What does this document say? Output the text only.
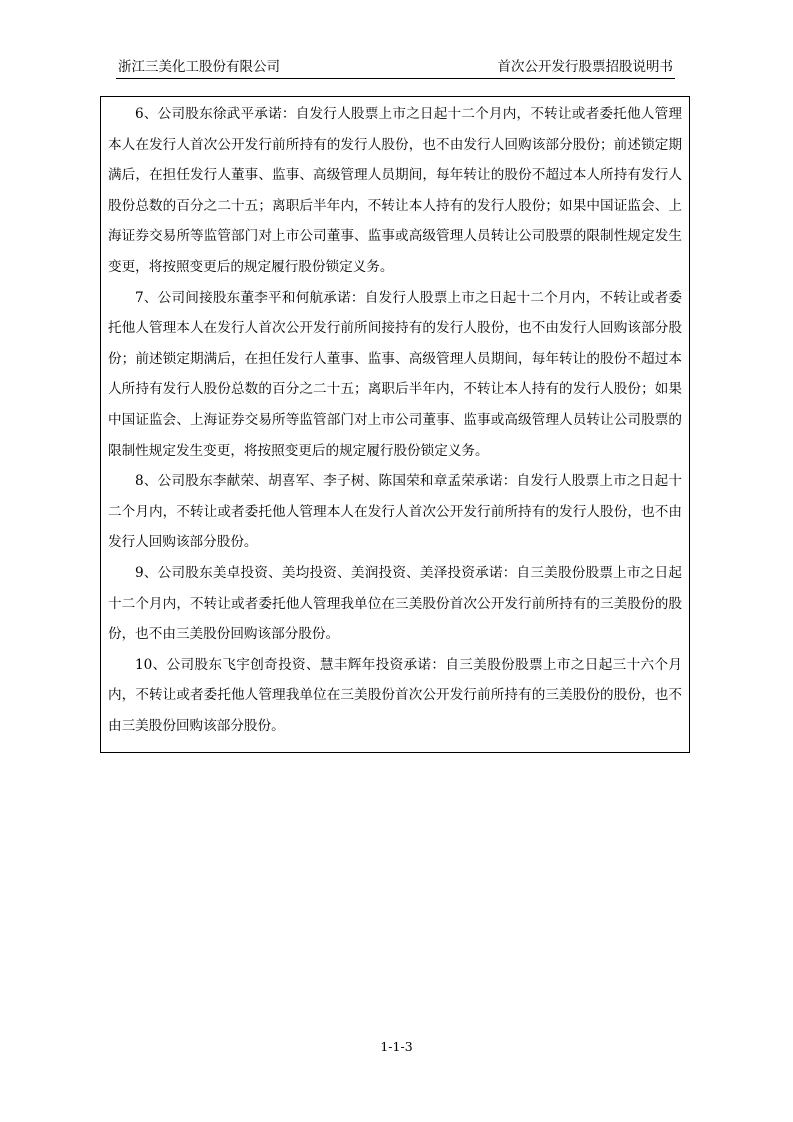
浙江三美化工股份有限公司	首次公开发行股票招股说明书

6、公司股东徐武平承诺：自发行人股票上市之日起十二个月内，不转让或者委托他人管理本人在发行人首次公开发行前所持有的发行人股份，也不由发行人回购该部分股份；前述锁定期满后，在担任发行人董事、监事、高级管理人员期间，每年转让的股份不超过本人所持有发行人股份总数的百分之二十五；离职后半年内，不转让本人持有的发行人股份；如果中国证监会、上海证券交易所等监管部门对上市公司董事、监事或高级管理人员转让公司股票的限制性规定发生变更，将按照变更后的规定履行股份锁定义务。

7、公司间接股东董李平和何航承诺：自发行人股票上市之日起十二个月内，不转让或者委托他人管理本人在发行人首次公开发行前所间接持有的发行人股份，也不由发行人回购该部分股份；前述锁定期满后，在担任发行人董事、监事、高级管理人员期间，每年转让的股份不超过本人所持有发行人股份总数的百分之二十五；离职后半年内，不转让本人持有的发行人股份；如果中国证监会、上海证券交易所等监管部门对上市公司董事、监事或高级管理人员转让公司股票的限制性规定发生变更，将按照变更后的规定履行股份锁定义务。

8、公司股东李献荣、胡喜军、李子树、陈国荣和章孟荣承诺：自发行人股票上市之日起十二个月内，不转让或者委托他人管理本人在发行人首次公开发行前所持有的发行人股份，也不由发行人回购该部分股份。

9、公司股东美卓投资、美均投资、美润投资、美泽投资承诺：自三美股份股票上市之日起十二个月内，不转让或者委托他人管理我单位在三美股份首次公开发行前所持有的三美股份的股份，也不由三美股份回购该部分股份。

10、公司股东飞宇创奇投资、慧丰辉年投资承诺：自三美股份股票上市之日起三十六个月内，不转让或者委托他人管理我单位在三美股份首次公开发行前所持有的三美股份的股份，也不由三美股份回购该部分股份。

1-1-3
